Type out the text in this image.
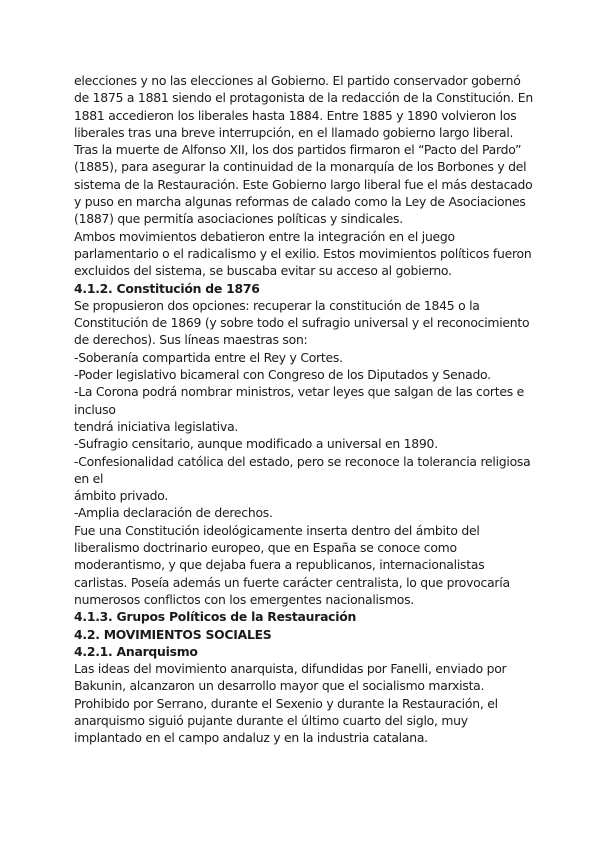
elecciones y no las elecciones al Gobierno. El partido conservador gobernó
de 1875 a 1881 siendo el protagonista de la redacción de la Constitución. En
1881 accedieron los liberales hasta 1884. Entre 1885 y 1890 volvieron los
liberales tras una breve interrupción, en el llamado gobierno largo liberal.
Tras la muerte de Alfonso XII, los dos partidos firmaron el “Pacto del Pardo”
(1885), para asegurar la continuidad de la monarquía de los Borbones y del
sistema de la Restauración. Este Gobierno largo liberal fue el más destacado
y puso en marcha algunas reformas de calado como la Ley de Asociaciones
(1887) que permitía asociaciones políticas y sindicales.
Ambos movimientos debatieron entre la integración en el juego
parlamentario o el radicalismo y el exilio. Estos movimientos políticos fueron
excluidos del sistema, se buscaba evitar su acceso al gobierno.
4.1.2. Constitución de 1876
Se propusieron dos opciones: recuperar la constitución de 1845 o la
Constitución de 1869 (y sobre todo el sufragio universal y el reconocimiento
de derechos). Sus líneas maestras son:
-Soberanía compartida entre el Rey y Cortes.
-Poder legislativo bicameral con Congreso de los Diputados y Senado.
-La Corona podrá nombrar ministros, vetar leyes que salgan de las cortes e
incluso
tendrá iniciativa legislativa.
-Sufragio censitario, aunque modificado a universal en 1890.
-Confesionalidad católica del estado, pero se reconoce la tolerancia religiosa
en el
ámbito privado.
-Amplia declaración de derechos.
Fue una Constitución ideológicamente inserta dentro del ámbito del
liberalismo doctrinario europeo, que en España se conoce como
moderantismo, y que dejaba fuera a republicanos, internacionalistas
carlistas. Poseía además un fuerte carácter centralista, lo que provocaría
numerosos conflictos con los emergentes nacionalismos.
4.1.3. Grupos Políticos de la Restauración
4.2. MOVIMIENTOS SOCIALES
4.2.1. Anarquismo
Las ideas del movimiento anarquista, difundidas por Fanelli, enviado por
Bakunin, alcanzaron un desarrollo mayor que el socialismo marxista.
Prohibido por Serrano, durante el Sexenio y durante la Restauración, el
anarquismo siguió pujante durante el último cuarto del siglo, muy
implantado en el campo andaluz y en la industria catalana.
